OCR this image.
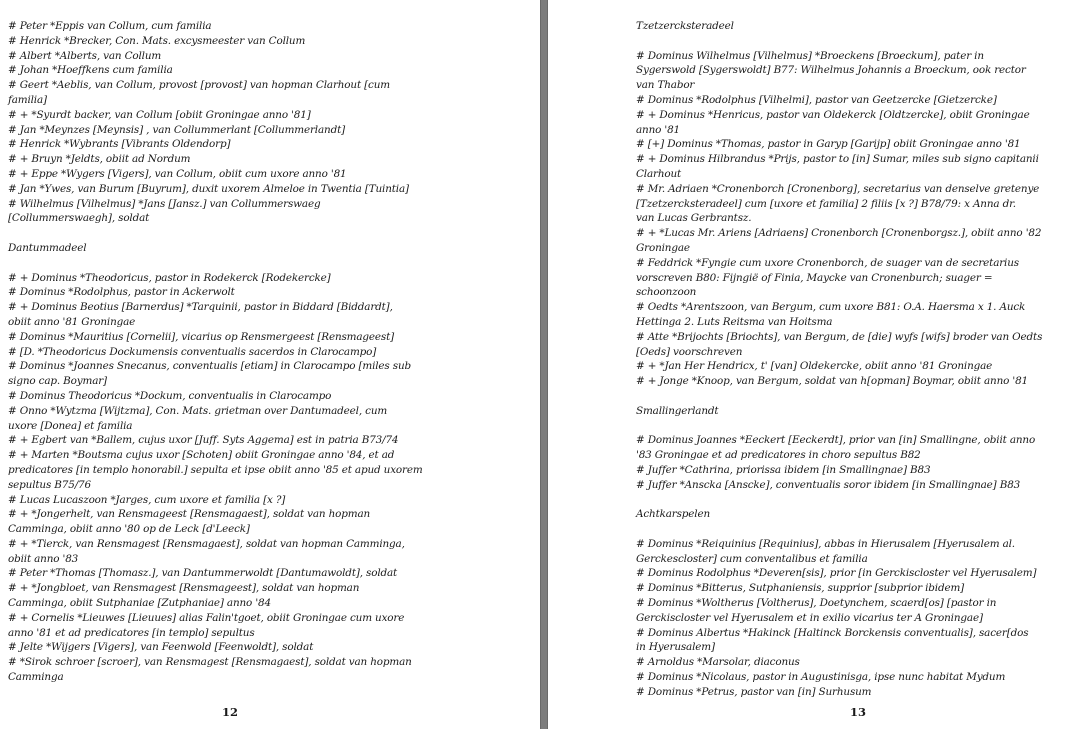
# Peter *Eppis van Collum, cum familia
# Henrick *Brecker, Con. Mats. excysmeester van Collum
# Albert *Alberts, van Collum
# Johan *Hoeffkens cum familia
# Geert *Aeblis, van Collum, provost [provost] van hopman Clarhout [cum
familia]
# + *Syurdt backer, van Collum [obiit Groningae anno '81]
# Jan *Meynzes [Meynsis] , van Collummerlant [Collummerlandt]
# Henrick *Wybrants [Vibrants Oldendorp]
# + Bruyn *Jeldts, obiit ad Nordum
# + Eppe *Wygers [Vigers], van Collum, obiit cum uxore anno '81
# Jan *Ywes, van Burum [Buyrum], duxit uxorem Almeloe in Twentia [Tuintia]
# Wilhelmus [Vilhelmus] *Jans [Jansz.] van Collummerswaeg
[Collummerswaegh], soldat
Dantummadeel
# + Dominus *Theodoricus, pastor in Rodekerck [Rodekercke]
# Dominus *Rodolphus, pastor in Ackerwolt
# + Dominus Beotius [Barnerdus] *Tarquinii, pastor in Biddard [Biddardt],
obiit anno '81 Groningae
# Dominus *Mauritius [Cornelii], vicarius op Rensmergeest [Rensmageest]
# [D. *Theodoricus Dockumensis conventualis sacerdos in Clarocampo]
# Dominus *Joannes Snecanus, conventualis [etiam] in Clarocampo [miles sub
signo cap. Boymar]
# Dominus Theodoricus *Dockum, conventualis in Clarocampo
# Onno *Wytzma [Wijtzma], Con. Mats. grietman over Dantumadeel, cum
uxore [Donea] et familia
# + Egbert van *Ballem, cujus uxor [Juff. Syts Aggema] est in patria B73/74
# + Marten *Boutsma cujus uxor [Schoten] obiit Groningae anno '84, et ad
predicatores [in templo honorabil.] sepulta et ipse obiit anno '85 et apud uxorem
sepultus B75/76
# Lucas Lucaszoon *Jarges, cum uxore et familia [x ?]
# + *Jongerhelt, van Rensmageest [Rensmagaest], soldat van hopman
Camminga, obiit anno '80 op de Leck [d'Leeck]
# + *Tierck, van Rensmagest [Rensmagaest], soldat van hopman Camminga,
obiit anno '83
# Peter *Thomas [Thomasz.], van Dantummerwoldt [Dantumawoldt], soldat
# + *Jongbloet, van Rensmagest [Rensmageest], soldat van hopman
Camminga, obiit Sutphaniae [Zutphaniae] anno '84
# + Cornelis *Lieuwes [Lieuues] alias Falin'tgoet, obiit Groningae cum uxore
anno '81 et ad predicatores [in templo] sepultus
# Jelte *Wijgers [Vigers], van Feenwold [Feenwoldt], soldat
# *Sirok schroer [scroer], van Rensmagest [Rensmagaest], soldat van hopman
Camminga
12
Tzetzercksteradeel
# Dominus Wilhelmus [Vilhelmus] *Broeckens [Broeckum], pater in
Sygerswold [Sygerswoldt] B77: Wilhelmus Johannis a Broeckum, ook rector
van Thabor
# Dominus *Rodolphus [Vilhelmi], pastor van Geetzercke [Gietzercke]
# + Dominus *Henricus, pastor van Oldekerck [Oldtzercke], obiit Groningae
anno '81
# [+] Dominus *Thomas, pastor in Garyp [Garijp] obiit Groningae anno '81
# + Dominus Hilbrandus *Prijs, pastor to [in] Sumar, miles sub signo capitanii
Clarhout
# Mr. Adriaen *Cronenborch [Cronenborg], secretarius van denselve gretenye
[Tzetzercksteradeel] cum [uxore et familia] 2 filiis [x ?] B78/79: x Anna dr.
van Lucas Gerbrantsz.
# + *Lucas Mr. Ariens [Adriaens] Cronenborch [Cronenborgsz.], obiit anno '82
Groningae
# Feddrick *Fyngie cum uxore Cronenborch, de suager van de secretarius
vorscreven B80: Fijngië of Finia, Maycke van Cronenburch; suager =
schoonzoon
# Oedts *Arentszoon, van Bergum, cum uxore B81: O.A. Haersma x 1. Auck
Hettinga 2. Luts Reitsma van Hoitsma
# Atte *Brijochts [Briochts], van Bergum, de [die] wyfs [wifs] broder van Oedts
[Oeds] voorschreven
# + *Jan Her Hendricx, t' [van] Oldekercke, obiit anno '81 Groningae
# + Jonge *Knoop, van Bergum, soldat van h[opman] Boymar, obiit anno '81
Smallingerlandt
# Dominus Joannes *Eeckert [Eeckerdt], prior van [in] Smallingne, obiit anno
'83 Groningae et ad predicatores in choro sepultus B82
# Juffer *Cathrina, priorissa ibidem [in Smallingnae] B83
# Juffer *Anscka [Anscke], conventualis soror ibidem [in Smallingnae] B83
Achtkarspelen
# Dominus *Reiquinius [Requinius], abbas in Hierusalem [Hyerusalem al.
Gerckescloster] cum conventalibus et familia
# Dominus Rodolphus *Deveren[sis], prior [in Gerckiscloster vel Hyerusalem]
# Dominus *Bitterus, Sutphaniensis, supprior [subprior ibidem]
# Dominus *Woltherus [Voltherus], Doetynchem, scaerd[os] [pastor in
Gerckiscloster vel Hyerusalem et in exilio vicarius ter A Groningae]
# Dominus Albertus *Hakinck [Haltinck Borckensis conventualis], sacer[dos
in Hyerusalem]
# Arnoldus *Marsolar, diaconus
# Dominus *Nicolaus, pastor in Augustinisga, ipse nunc habitat Mydum
# Dominus *Petrus, pastor van [in] Surhusum
13
